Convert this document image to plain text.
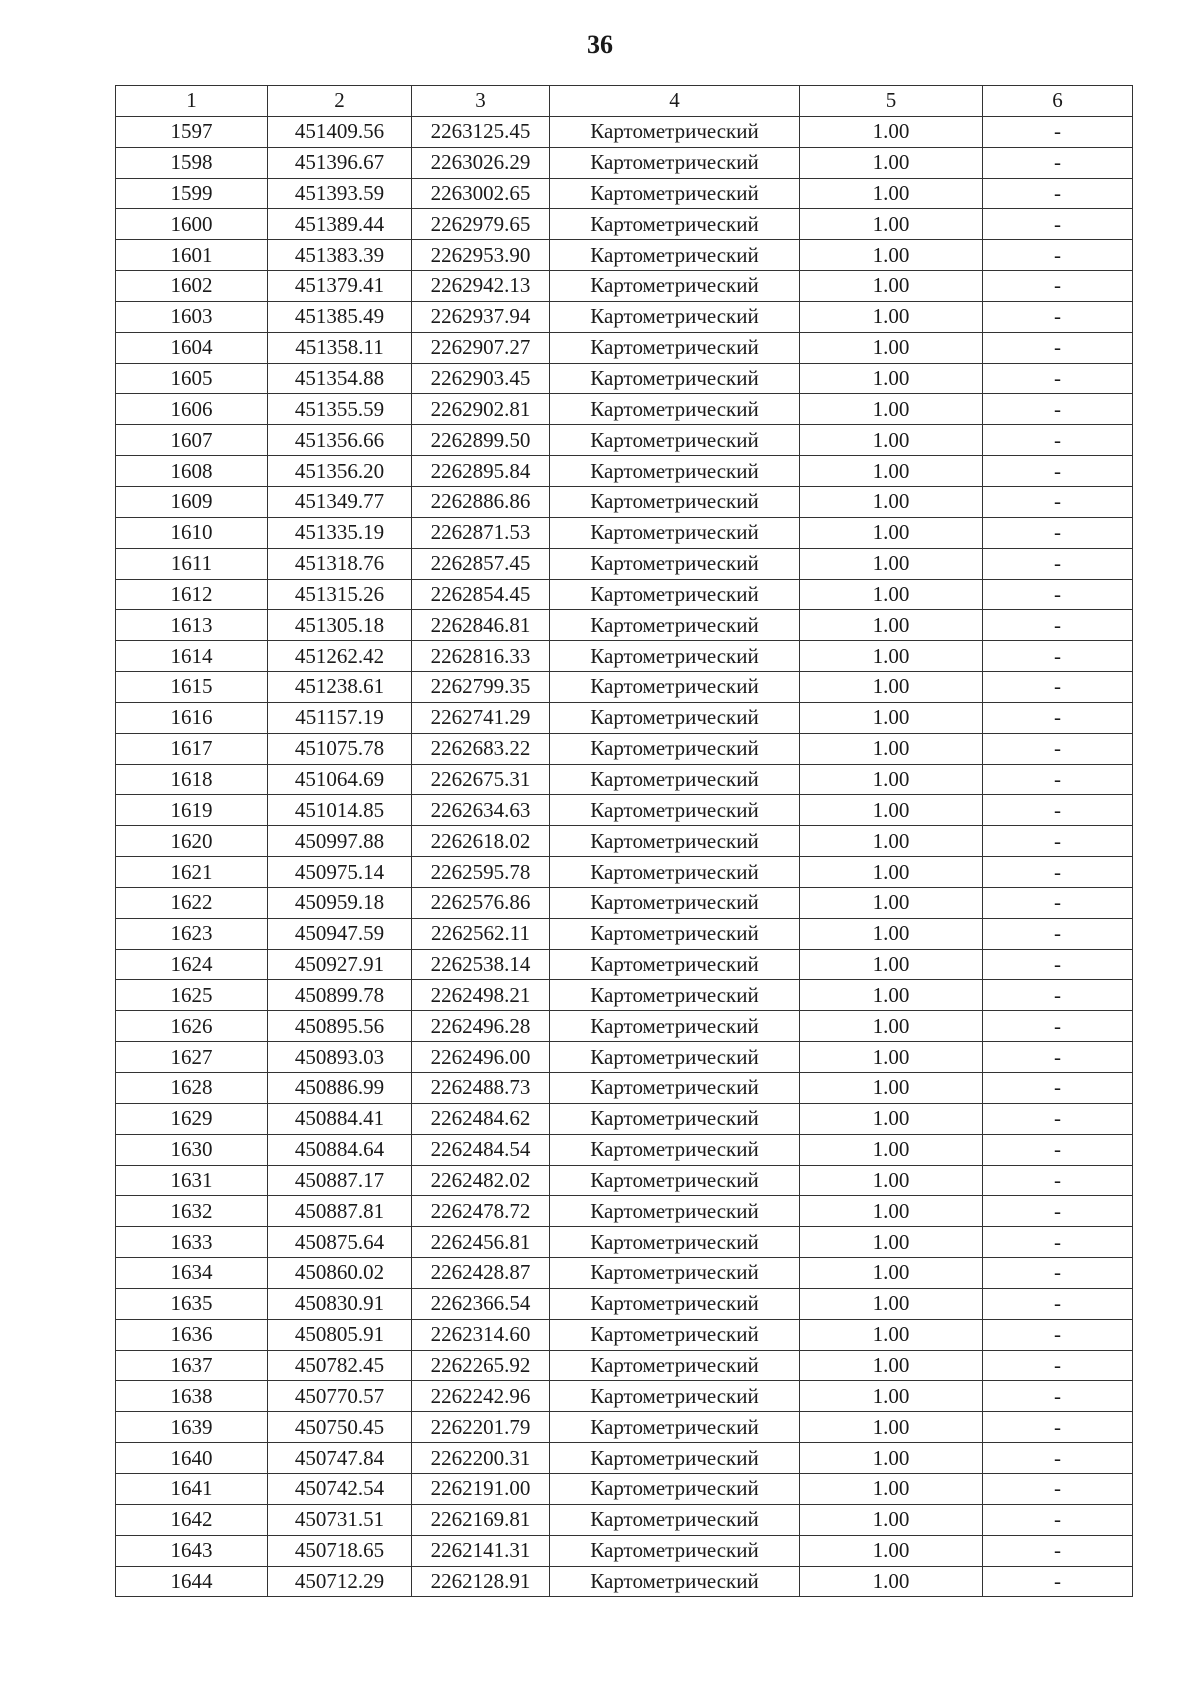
36
1	2	3	4	5	6
1597	451409.56	2263125.45	Картометрический	1.00	-
1598	451396.67	2263026.29	Картометрический	1.00	-
1599	451393.59	2263002.65	Картометрический	1.00	-
1600	451389.44	2262979.65	Картометрический	1.00	-
1601	451383.39	2262953.90	Картометрический	1.00	-
1602	451379.41	2262942.13	Картометрический	1.00	-
1603	451385.49	2262937.94	Картометрический	1.00	-
1604	451358.11	2262907.27	Картометрический	1.00	-
1605	451354.88	2262903.45	Картометрический	1.00	-
1606	451355.59	2262902.81	Картометрический	1.00	-
1607	451356.66	2262899.50	Картометрический	1.00	-
1608	451356.20	2262895.84	Картометрический	1.00	-
1609	451349.77	2262886.86	Картометрический	1.00	-
1610	451335.19	2262871.53	Картометрический	1.00	-
1611	451318.76	2262857.45	Картометрический	1.00	-
1612	451315.26	2262854.45	Картометрический	1.00	-
1613	451305.18	2262846.81	Картометрический	1.00	-
1614	451262.42	2262816.33	Картометрический	1.00	-
1615	451238.61	2262799.35	Картометрический	1.00	-
1616	451157.19	2262741.29	Картометрический	1.00	-
1617	451075.78	2262683.22	Картометрический	1.00	-
1618	451064.69	2262675.31	Картометрический	1.00	-
1619	451014.85	2262634.63	Картометрический	1.00	-
1620	450997.88	2262618.02	Картометрический	1.00	-
1621	450975.14	2262595.78	Картометрический	1.00	-
1622	450959.18	2262576.86	Картометрический	1.00	-
1623	450947.59	2262562.11	Картометрический	1.00	-
1624	450927.91	2262538.14	Картометрический	1.00	-
1625	450899.78	2262498.21	Картометрический	1.00	-
1626	450895.56	2262496.28	Картометрический	1.00	-
1627	450893.03	2262496.00	Картометрический	1.00	-
1628	450886.99	2262488.73	Картометрический	1.00	-
1629	450884.41	2262484.62	Картометрический	1.00	-
1630	450884.64	2262484.54	Картометрический	1.00	-
1631	450887.17	2262482.02	Картометрический	1.00	-
1632	450887.81	2262478.72	Картометрический	1.00	-
1633	450875.64	2262456.81	Картометрический	1.00	-
1634	450860.02	2262428.87	Картометрический	1.00	-
1635	450830.91	2262366.54	Картометрический	1.00	-
1636	450805.91	2262314.60	Картометрический	1.00	-
1637	450782.45	2262265.92	Картометрический	1.00	-
1638	450770.57	2262242.96	Картометрический	1.00	-
1639	450750.45	2262201.79	Картометрический	1.00	-
1640	450747.84	2262200.31	Картометрический	1.00	-
1641	450742.54	2262191.00	Картометрический	1.00	-
1642	450731.51	2262169.81	Картометрический	1.00	-
1643	450718.65	2262141.31	Картометрический	1.00	-
1644	450712.29	2262128.91	Картометрический	1.00	-
